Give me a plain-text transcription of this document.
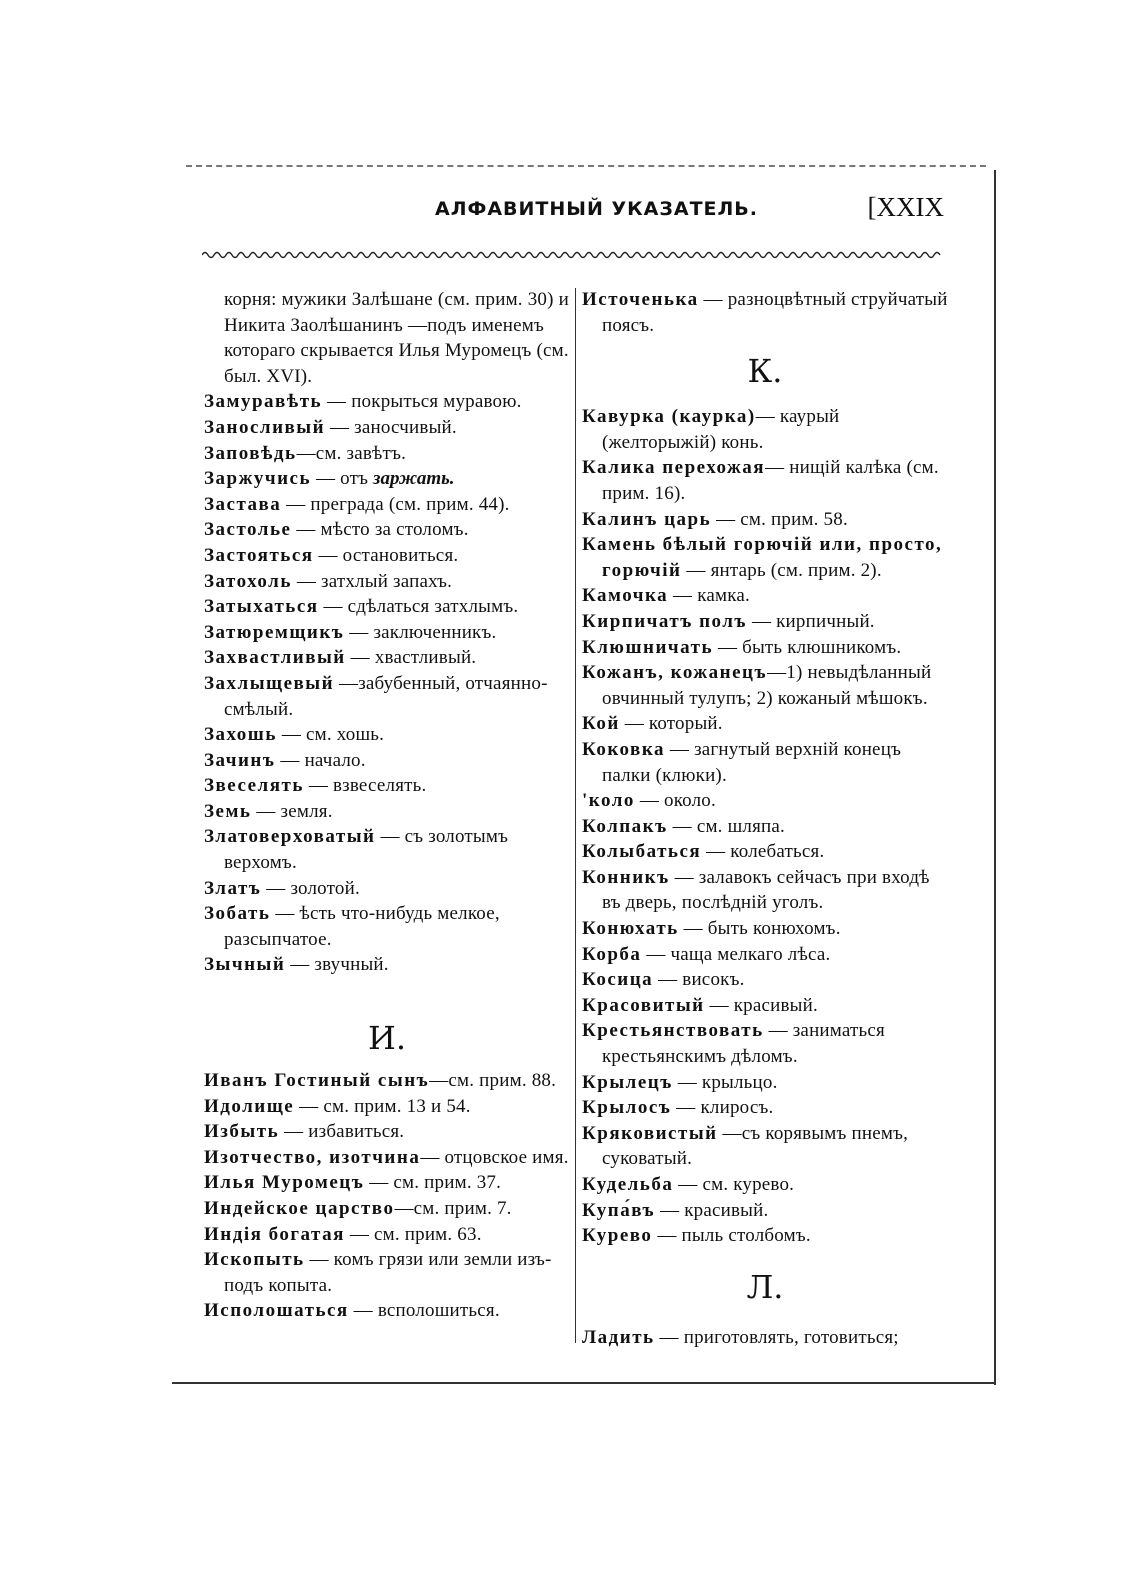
АЛФАВИТНЫЙ УКАЗАТЕЛЬ.	[XXIX

корня: мужики Залѣшане (см. прим. 30) и Никита Заолѣшанинъ —подъ именемъ котораго скрывается Илья Муромецъ (см. был. XVI).

Замуравѣть — покрыться муравою.

Заносливый — заносчивый.

Заповѣдь—см. завѣтъ.

Заржучись — отъ заржать.

Застава — преграда (см. прим. 44).

Застолье — мѣсто за столомъ.

Застояться — остановиться.

Затохоль — затхлый запахъ.

Затыхаться — сдѣлаться затхлымъ.

Затюремщикъ — заключенникъ.

Захвастливый — хвастливый.

Захлыщевый —забубенный, отчаянно-смѣлый.

Захошь — см. хошь.

Зачинъ — начало.

Звеселять — взвеселять.

Земь — земля.

Златоверховатый — съ золотымъ верхомъ.

Златъ — золотой.

Зобать — ѣсть что-нибудь мелкое, разсыпчатое.

Зычный — звучный.

И.

Иванъ Гостиный сынъ—см. прим. 88.

Идолище — см. прим. 13 и 54.

Избыть — избавиться.

Изотчество, изотчина— отцовское имя.

Илья Муромецъ — см. прим. 37.

Индейское царство—см. прим. 7.

Индія богатая — см. прим. 63.

Ископыть — комъ грязи или земли изъ-подъ копыта.

Исполошаться — всполошиться.

Источенька — разноцвѣтный струйчатый поясъ.

К.

Кавурка (каурка)— каурый (желторыжій) конь.

Калика перехожая— нищій калѣка (см. прим. 16).

Калинъ царь — см. прим. 58.

Камень бѣлый горючій или, просто, горючій — янтарь (см. прим. 2).

Камочка — камка.

Кирпичатъ полъ — кирпичный.

Клюшничать — быть клюшникомъ.

Кожанъ, кожанецъ—1) невыдѣланный овчинный тулупъ; 2) кожаный мѣшокъ.

Кой — который.

Коковка — загнутый верхній конецъ палки (клюки).

'коло — около.

Колпакъ — см. шляпа.

Колыбаться — колебаться.

Конникъ — залавокъ сейчасъ при входѣ въ дверь, послѣдній уголъ.

Конюхать — быть конюхомъ.

Корба — чаща мелкаго лѣса.

Косица — високъ.

Красовитый — красивый.

Крестьянствовать — заниматься крестьянскимъ дѣломъ.

Крылецъ — крыльцо.

Крылосъ — клиросъ.

Кряковистый —съ корявымъ пнемъ, суковатый.

Кудельба — см. курево.

Купа́въ — красивый.

Курево — пыль столбомъ.

Л.

Ладить — приготовлять, готовиться;
